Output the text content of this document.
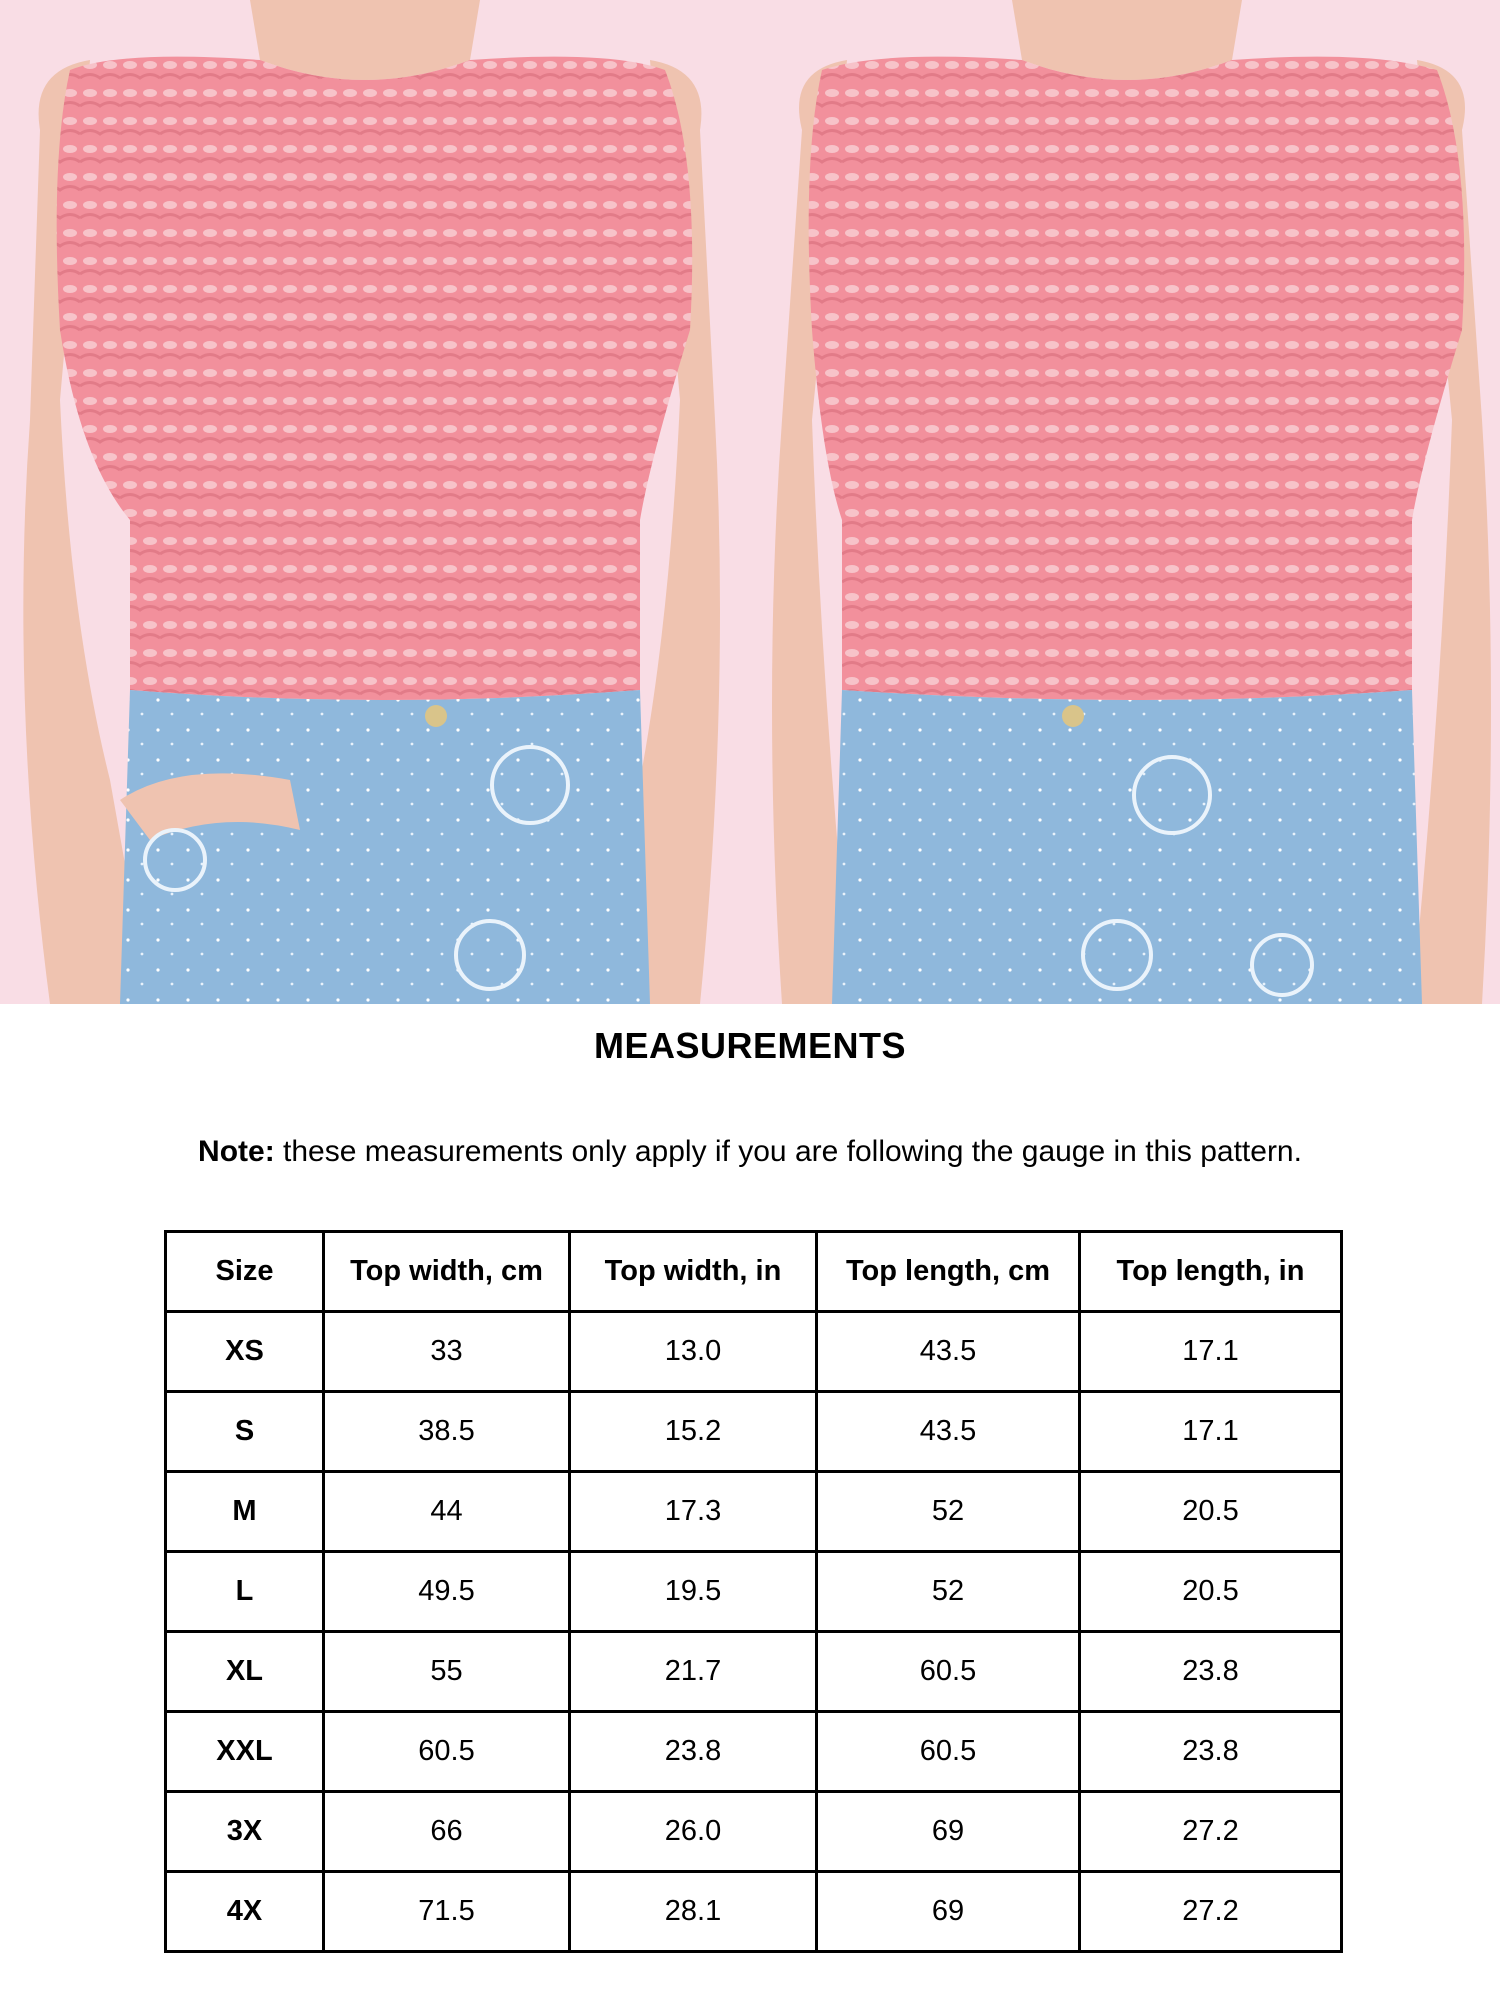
MEASUREMENTS
Note: these measurements only apply if you are following the gauge in this pattern.
Size	Top width, cm	Top width, in	Top length, cm	Top length, in
XS	33	13.0	43.5	17.1
S	38.5	15.2	43.5	17.1
M	44	17.3	52	20.5
L	49.5	19.5	52	20.5
XL	55	21.7	60.5	23.8
XXL	60.5	23.8	60.5	23.8
3X	66	26.0	69	27.2
4X	71.5	28.1	69	27.2
